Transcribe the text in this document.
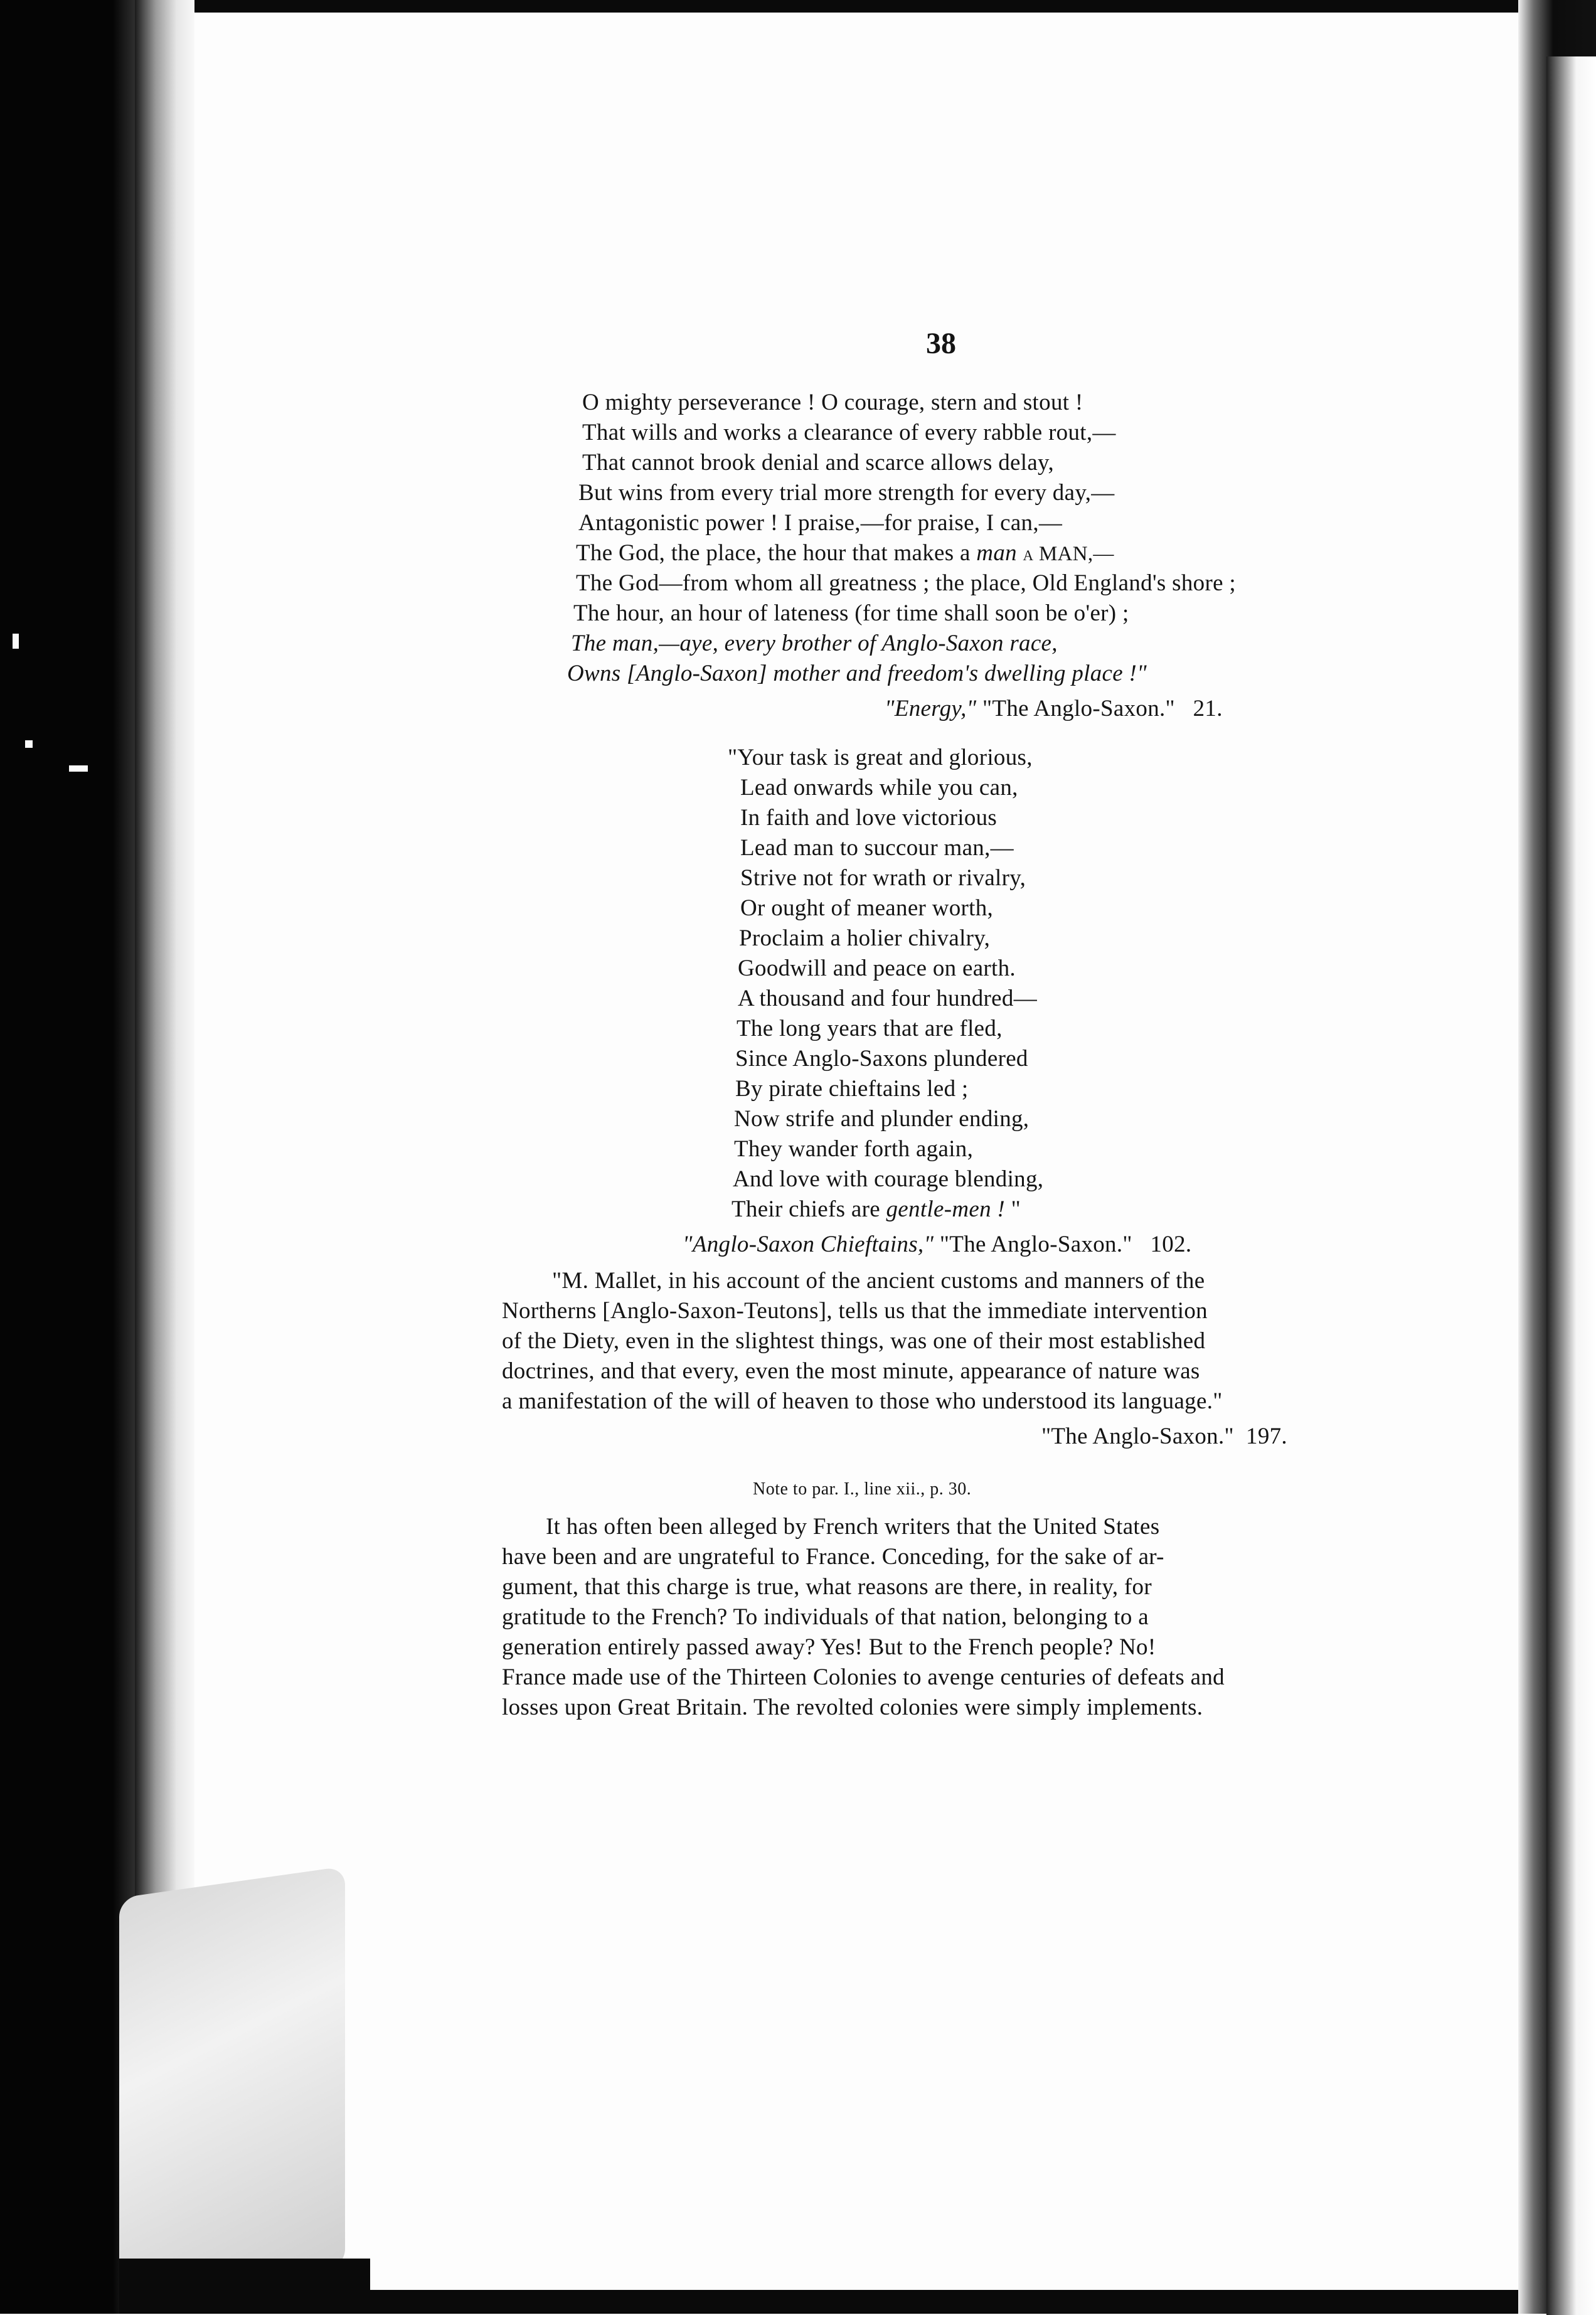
38
O mighty perseverance ! O courage, stern and stout !
That wills and works a clearance of every rabble rout,—
That cannot brook denial and scarce allows delay,
But wins from every trial more strength for every day,—
Antagonistic power ! I praise,—for praise, I can,—
The God, the place, the hour that makes a man a MAN,—
The God—from whom all greatness ; the place, Old England's shore ;
The hour, an hour of lateness (for time shall soon be o'er) ;
The man,—aye, every brother of Anglo-Saxon race,
Owns [Anglo-Saxon] mother and freedom's dwelling place !"
"Energy," "The Anglo-Saxon." 21.
"Your task is great and glorious,
Lead onwards while you can,
In faith and love victorious
Lead man to succour man,—
Strive not for wrath or rivalry,
Or ought of meaner worth,
Proclaim a holier chivalry,
Goodwill and peace on earth.
A thousand and four hundred—
The long years that are fled,
Since Anglo-Saxons plundered
By pirate chieftains led ;
Now strife and plunder ending,
They wander forth again,
And love with courage blending,
Their chiefs are gentle-men ! "
"Anglo-Saxon Chieftains," "The Anglo-Saxon." 102.
"M. Mallet, in his account of the ancient customs and manners of the
Northerns [Anglo-Saxon-Teutons], tells us that the immediate intervention
of the Diety, even in the slightest things, was one of their most established
doctrines, and that every, even the most minute, appearance of nature was
a manifestation of the will of heaven to those who understood its language."
"The Anglo-Saxon." 197.
Note to par. I., line xii., p. 30.
It has often been alleged by French writers that the United States
have been and are ungrateful to France. Conceding, for the sake of ar-
gument, that this charge is true, what reasons are there, in reality, for
gratitude to the French? To individuals of that nation, belonging to a
generation entirely passed away? Yes! But to the French people? No!
France made use of the Thirteen Colonies to avenge centuries of defeats and
losses upon Great Britain. The revolted colonies were simply implements.
